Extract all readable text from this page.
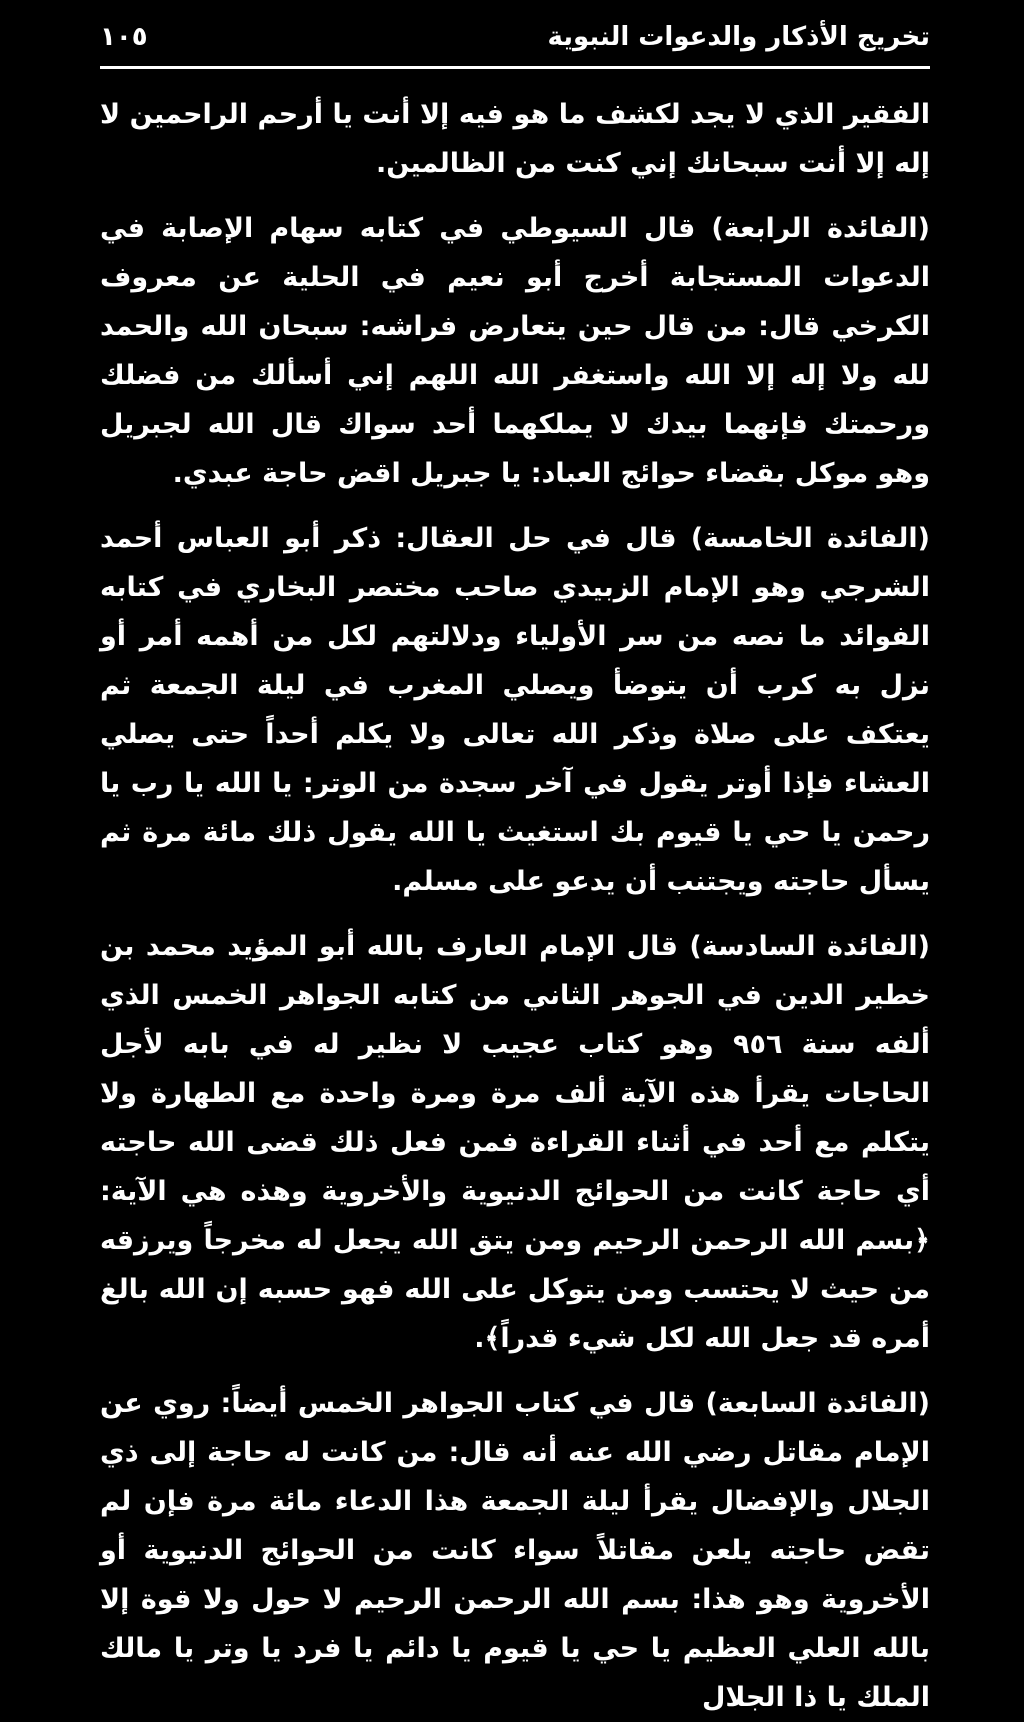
تخريج الأذكار والدعوات النبوية
١٠٥

الفقير الذي لا يجد لكشف ما هو فيه إلا أنت يا أرحم الراحمين لا إله إلا أنت سبحانك إني كنت من الظالمين.

(الفائدة الرابعة) قال السيوطي في كتابه سهام الإصابة في الدعوات المستجابة أخرج أبو نعيم في الحلية عن معروف الكرخي قال: من قال حين يتعارض فراشه: سبحان الله والحمد لله ولا إله إلا الله واستغفر الله اللهم إني أسألك من فضلك ورحمتك فإنهما بيدك لا يملكهما أحد سواك قال الله لجبريل وهو موكل بقضاء حوائج العباد: يا جبريل اقض حاجة عبدي.

(الفائدة الخامسة) قال في حل العقال: ذكر أبو العباس أحمد الشرجي وهو الإمام الزبيدي صاحب مختصر البخاري في كتابه الفوائد ما نصه من سر الأولياء ودلالتهم لكل من أهمه أمر أو نزل به كرب أن يتوضأ ويصلي المغرب في ليلة الجمعة ثم يعتكف على صلاة وذكر الله تعالى ولا يكلم أحداً حتى يصلي العشاء فإذا أوتر يقول في آخر سجدة من الوتر: يا الله يا رب يا رحمن يا حي يا قيوم بك استغيث يا الله يقول ذلك مائة مرة ثم يسأل حاجته ويجتنب أن يدعو على مسلم.

(الفائدة السادسة) قال الإمام العارف بالله أبو المؤيد محمد بن خطير الدين في الجوهر الثاني من كتابه الجواهر الخمس الذي ألفه سنة ٩٥٦ وهو كتاب عجيب لا نظير له في بابه لأجل الحاجات يقرأ هذه الآية ألف مرة ومرة واحدة مع الطهارة ولا يتكلم مع أحد في أثناء القراءة فمن فعل ذلك قضى الله حاجته أي حاجة كانت من الحوائج الدنيوية والأخروية وهذه هي الآية: ﴿بسم الله الرحمن الرحيم ومن يتق الله يجعل له مخرجاً ويرزقه من حيث لا يحتسب ومن يتوكل على الله فهو حسبه إن الله بالغ أمره قد جعل الله لكل شيء قدراً﴾.

(الفائدة السابعة) قال في كتاب الجواهر الخمس أيضاً: روي عن الإمام مقاتل رضي الله عنه أنه قال: من كانت له حاجة إلى ذي الجلال والإفضال يقرأ ليلة الجمعة هذا الدعاء مائة مرة فإن لم تقض حاجته يلعن مقاتلاً سواء كانت من الحوائج الدنيوية أو الأخروية وهو هذا: بسم الله الرحمن الرحيم لا حول ولا قوة إلا بالله العلي العظيم يا حي يا قيوم يا دائم يا فرد يا وتر يا مالك الملك يا ذا الجلال
